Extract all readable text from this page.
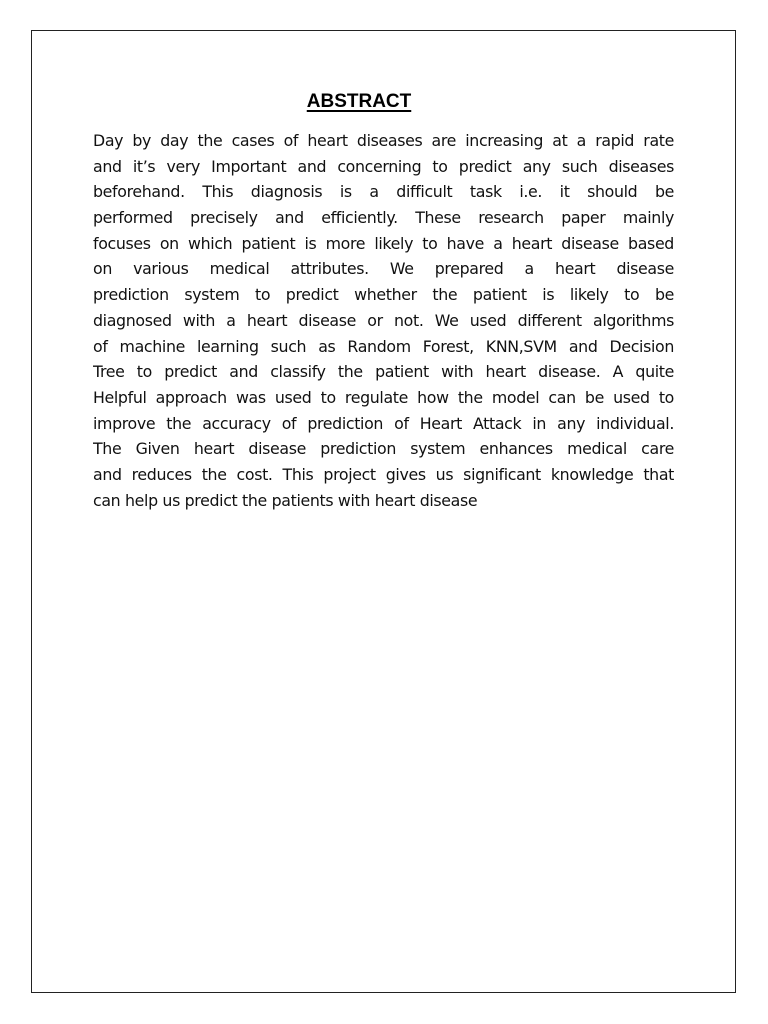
ABSTRACT
Day by day the cases of heart diseases are increasing at a rapid rate
and it’s very Important and concerning to predict any such diseases
beforehand. This diagnosis is a difficult task i.e. it should be
performed precisely and efficiently. These research paper mainly
focuses on which patient is more likely to have a heart disease based
on various medical attributes. We prepared a heart disease
prediction system to predict whether the patient is likely to be
diagnosed with a heart disease or not. We used different algorithms
of machine learning such as Random Forest, KNN,SVM and Decision
Tree to predict and classify the patient with heart disease. A quite
Helpful approach was used to regulate how the model can be used to
improve the accuracy of prediction of Heart Attack in any individual.
The Given heart disease prediction system enhances medical care
and reduces the cost. This project gives us significant knowledge that
can help us predict the patients with heart disease
